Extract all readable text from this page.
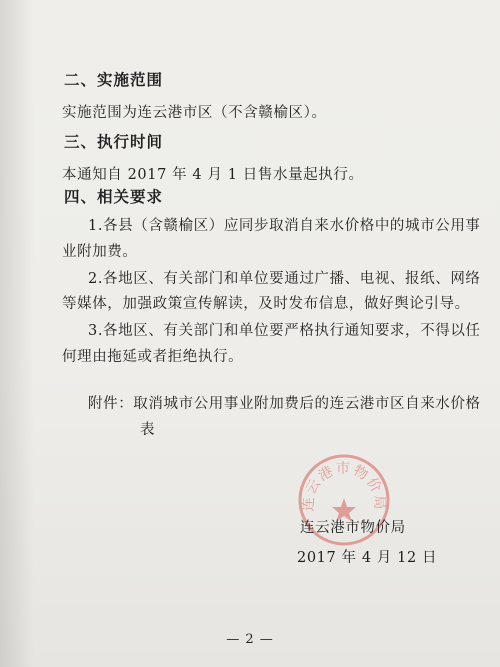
二、实施范围
实施范围为连云港市区（不含赣榆区）。
三、执行时间
本通知自 2017 年 4 月 1 日售水量起执行。
四、相关要求
1.各县（含赣榆区）应同步取消自来水价格中的城市公用事
业附加费。
2.各地区、有关部门和单位要通过广播、电视、报纸、网络
等媒体，加强政策宣传解读，及时发布信息，做好舆论引导。
3.各地区、有关部门和单位要严格执行通知要求，不得以任
何理由拖延或者拒绝执行。
附件：取消城市公用事业附加费后的连云港市区自来水价格
表
连云港市物价局
连云港市物价局
2017 年 4 月 12 日
— 2 —
